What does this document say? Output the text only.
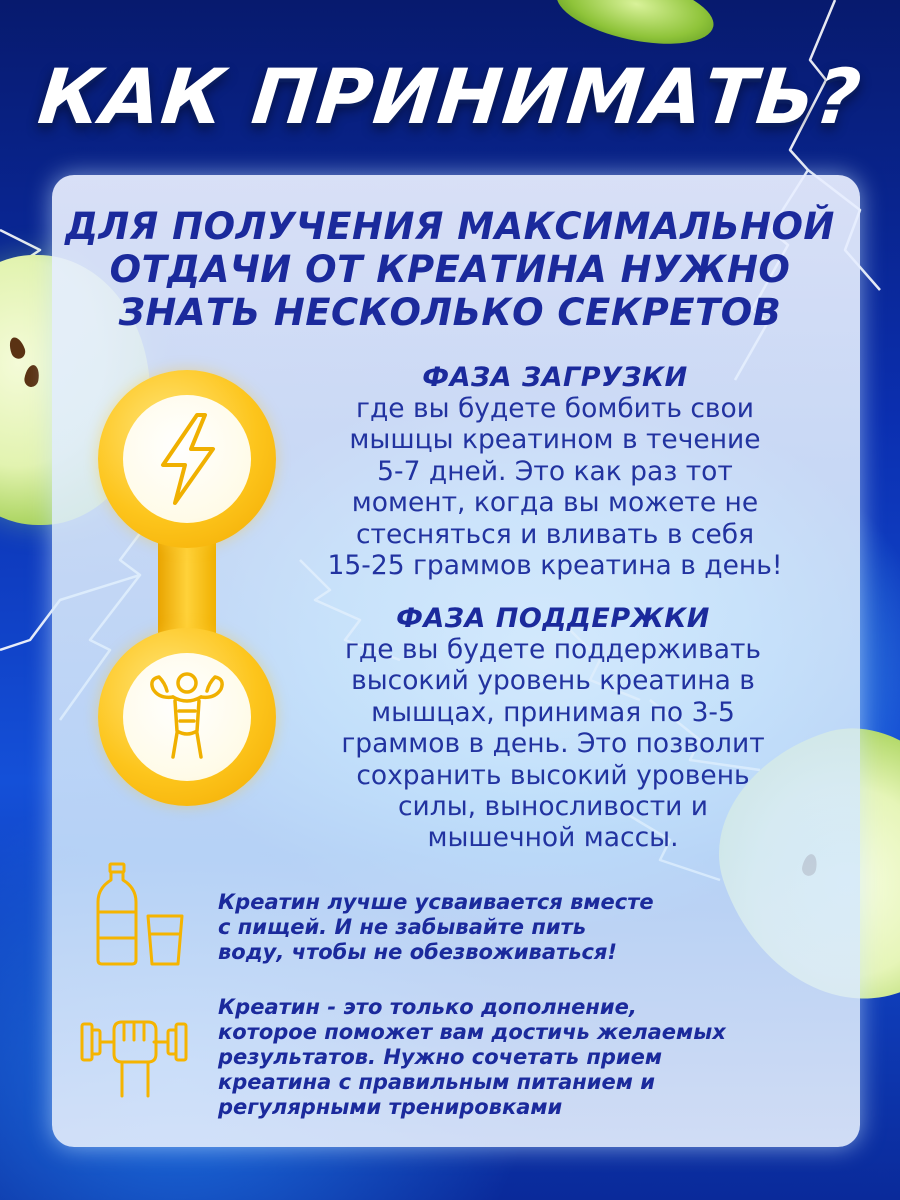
КАК ПРИНИМАТЬ?
ДЛЯ ПОЛУЧЕНИЯ МАКСИМАЛЬНОЙ
ОТДАЧИ ОТ КРЕАТИНА НУЖНО
ЗНАТЬ НЕСКОЛЬКО СЕКРЕТОВ
ФАЗА ЗАГРУЗКИ
где вы будете бомбить свои
мышцы креатином в течение
5-7 дней. Это как раз тот
момент, когда вы можете не
стесняться и вливать в себя
15-25 граммов креатина в день!
ФАЗА ПОДДЕРЖКИ
где вы будете поддерживать
высокий уровень креатина в
мышцах, принимая по 3-5
граммов в день. Это позволит
сохранить высокий уровень
силы, выносливости и
мышечной массы.
Креатин лучше усваивается вместе
с пищей. И не забывайте пить
воду, чтобы не обезвоживаться!
Креатин - это только дополнение,
которое поможет вам достичь желаемых
результатов. Нужно сочетать прием
креатина с правильным питанием и
регулярными тренировками
